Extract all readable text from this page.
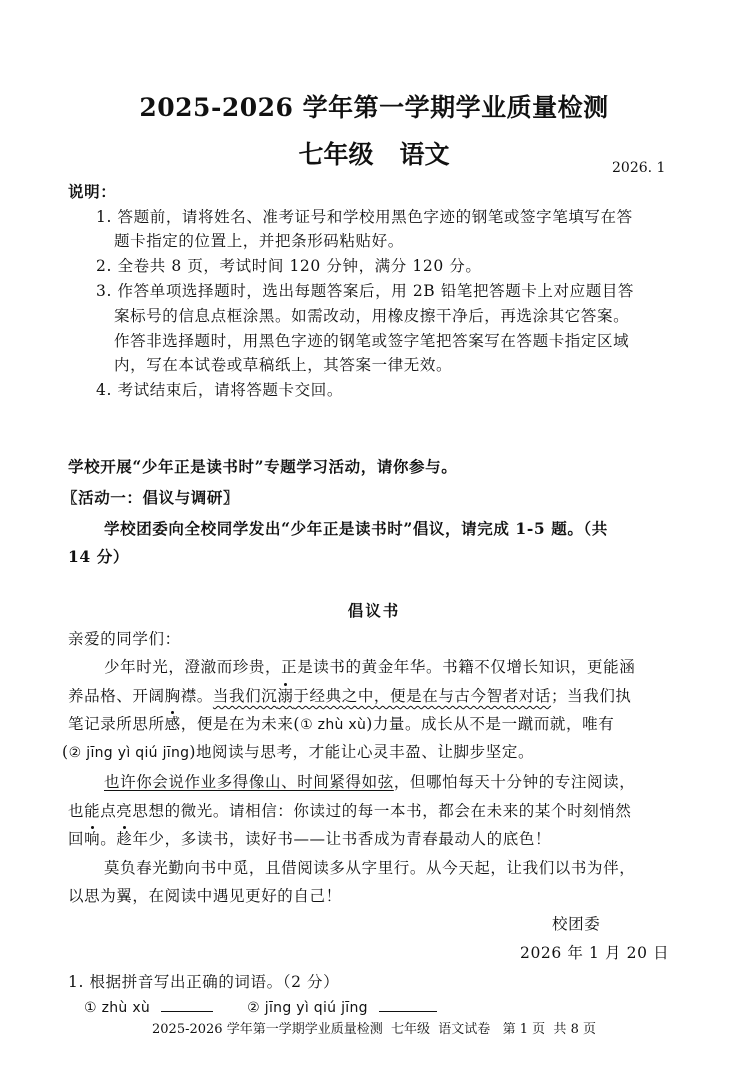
2025-2026 学年第一学期学业质量检测
七年级 语文	2026. 1
说明：
1. 答题前，请将姓名、准考证号和学校用黑色字迹的钢笔或签字笔填写在答
题卡指定的位置上，并把条形码粘贴好。
2. 全卷共 8 页，考试时间 120 分钟，满分 120 分。
3. 作答单项选择题时，选出每题答案后，用 2B 铅笔把答题卡上对应题目答
案标号的信息点框涂黑。如需改动，用橡皮擦干净后，再选涂其它答案。
作答非选择题时，用黑色字迹的钢笔或签字笔把答案写在答题卡指定区域
内，写在本试卷或草稿纸上，其答案一律无效。
4. 考试结束后，请将答题卡交回。
学校开展“少年正是读书时”专题学习活动，请你参与。
〖活动一：倡议与调研〗
学校团委向全校同学发出“少年正是读书时”倡议，请完成 1-5 题。（共
14 分）
倡议书
亲爱的同学们：
少年时光，澄澈而珍贵，正是读书的黄金年华。书籍不仅增长知识，更能涵
养品格、开阔胸襟。当我们沉溺于经典之中，便是在与古今智者对话；当我们执
笔记录所思所感，便是在为未来(① zhù xù)力量。成长从不是一蹴而就，唯有
(② jīng yì qiú jīng)地阅读与思考，才能让心灵丰盈、让脚步坚定。
也许你会说作业多得像山、时间紧得如弦，但哪怕每天十分钟的专注阅读，
也能点亮思想的微光。请相信：你读过的每一本书，都会在未来的某个时刻悄然
回响。趁年少，多读书，读好书——让书香成为青春最动人的底色！
莫负春光勤向书中觅，且借阅读多从字里行。从今天起，让我们以书为伴，
以思为翼，在阅读中遇见更好的自己！
校团委
2026 年 1 月 20 日
1. 根据拼音写出正确的词语。（2 分）
① zhù xù	② jīng yì qiú jīng
2025-2026 学年第一学期学业质量检测  七年级  语文试卷   第 1 页  共 8 页
